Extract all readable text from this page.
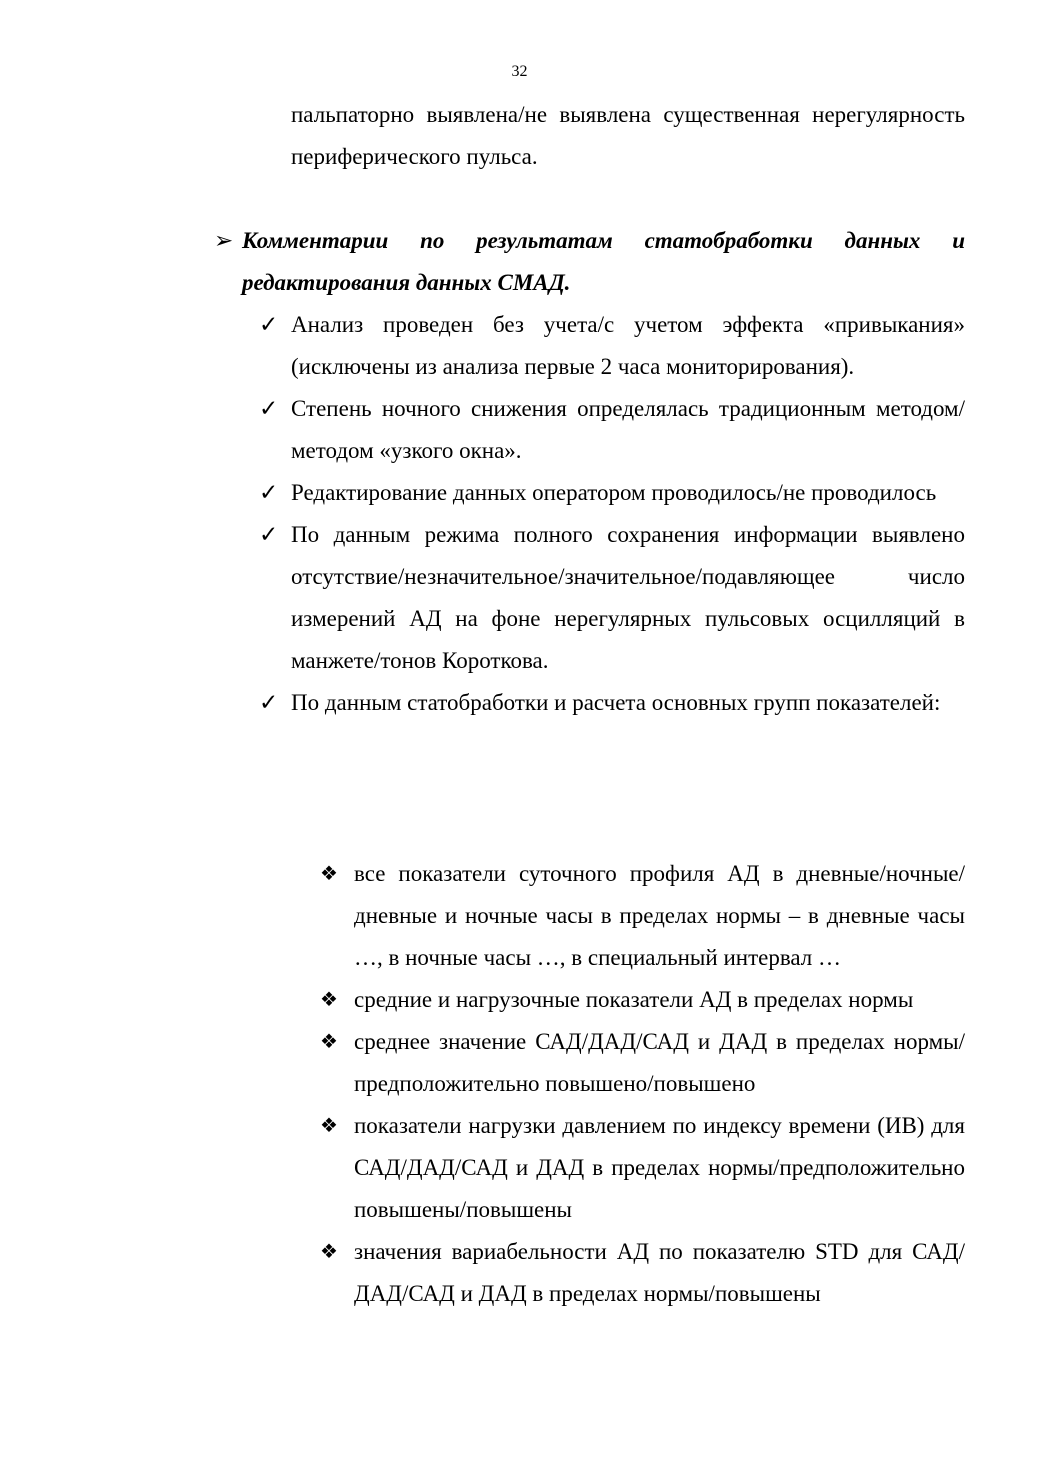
32
пальпаторно выявлена/не выявлена существенная нерегулярность периферического пульса.
➢ Комментарии по результатам статобработки данных и редактирования данных СМАД.
✓ Анализ проведен без учета/с учетом эффекта «привыкания» (исключены из анализа первые 2 часа мониторирования).
✓ Степень ночного снижения определялась традиционным методом/методом «узкого окна».
✓ Редактирование данных оператором проводилось/не проводилось
✓ По данным режима полного сохранения информации выявлено отсутствие/незначительное/значительное/подавляющее число измерений АД на фоне нерегулярных пульсовых осцилляций в манжете/тонов Короткова.
✓ По данным статобработки и расчета основных групп показателей:
❖ все показатели суточного профиля АД в дневные/ночные/дневные и ночные часы в пределах нормы – в дневные часы …, в ночные часы …, в специальный интервал …
❖ средние и нагрузочные показатели АД в пределах нормы
❖ среднее значение САД/ДАД/САД и ДАД в пределах нормы/предположительно повышено/повышено
❖ показатели нагрузки давлением по индексу времени (ИВ) для САД/ДАД/САД и ДАД в пределах нормы/предположительно повышены/повышены
❖ значения вариабельности АД по показателю STD для САД/ДАД/САД и ДАД в пределах нормы/повышены
